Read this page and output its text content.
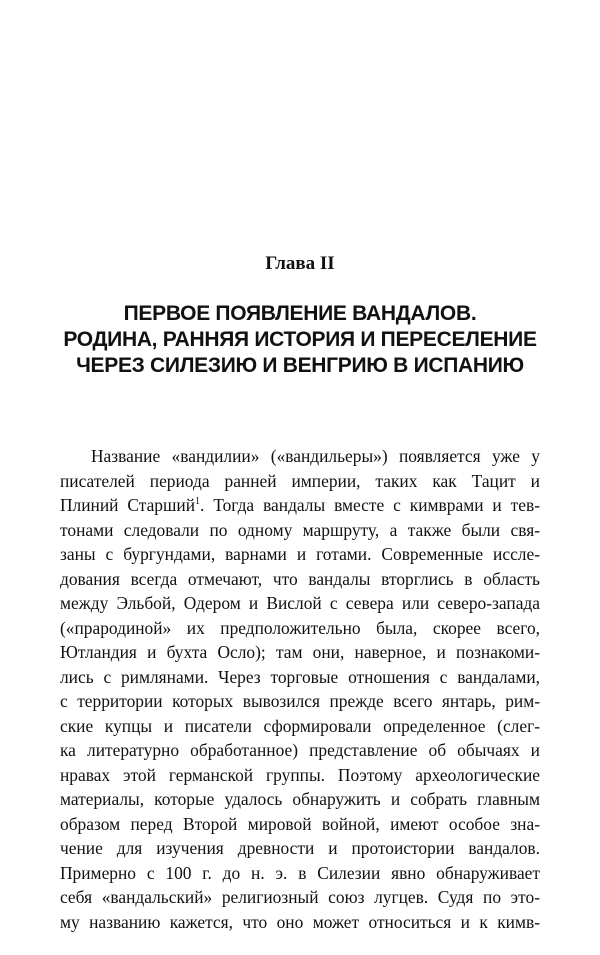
Глава II
ПЕРВОЕ ПОЯВЛЕНИЕ ВАНДАЛОВ.
РОДИНА, РАННЯЯ ИСТОРИЯ И ПЕРЕСЕЛЕНИЕ
ЧЕРЕЗ СИЛЕЗИЮ И ВЕНГРИЮ В ИСПАНИЮ
Название «вандилии» («вандильеры») появляется уже у
писателей периода ранней империи, таких как Тацит и
Плиний Старший$^1$. Тогда вандалы вместе с кимврами и тев-
тонами следовали по одному маршруту, а также были свя-
заны с бургундами, варнами и готами. Современные иссле-
дования всегда отмечают, что вандалы вторглись в область
между Эльбой, Одером и Вислой с севера или северо-запада
(«прародиной» их предположительно была, скорее всего,
Ютландия и бухта Осло); там они, наверное, и познакоми-
лись с римлянами. Через торговые отношения с вандалами,
с территории которых вывозился прежде всего янтарь, рим-
ские купцы и писатели сформировали определенное (слег-
ка литературно обработанное) представление об обычаях и
нравах этой германской группы. Поэтому археологические
материалы, которые удалось обнаружить и собрать главным
образом перед Второй мировой войной, имеют особое зна-
чение для изучения древности и протоистории вандалов.
Примерно с 100 г. до н. э. в Силезии явно обнаруживает
себя «вандальский» религиозный союз лугцев. Судя по это-
му названию кажется, что оно может относиться и к кимв-
